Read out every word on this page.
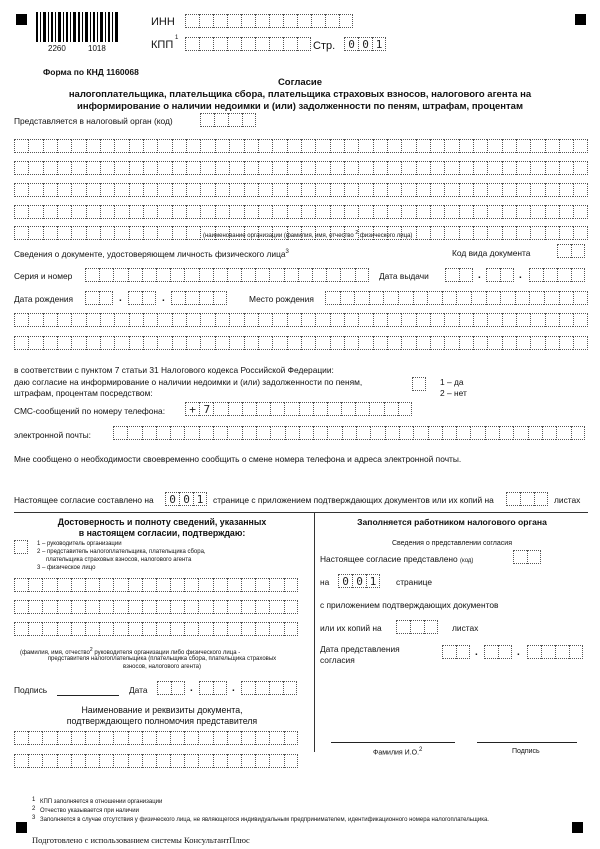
2260	1018
ИНН
КПП
1
Стр.	0 0 1
Форма по КНД 1160068
Согласие
налогоплательщика, плательщика сбора, плательщика страховых взносов, налогового агента на
информирование о наличии недоимки и (или) задолженности по пеням, штрафам, процентам
Представляется в налоговый орган (код)
(наименование организации (фамилия, имя, отчество $^2$ физического лица)
Сведения о документе, удостоверяющем личность физического лица$^3$	Код вида документа
Серия и номер	Дата выдачи	.	.
Дата рождения	.	.	Место рождения
в соответствии с пунктом 7 статьи 31 Налогового кодекса Российской Федерации:
даю согласие на информирование о наличии недоимки и (или) задолженности по пеням,
штрафам, процентам посредством:
1 – да
2 – нет
СМС-сообщений по номеру телефона:	+ 7
электронной почты:
Мне сообщено о необходимости своевременно сообщить о смене номера телефона и адреса электронной почты.
Настоящее согласие составлено на	0 0 1	странице с приложением подтверждающих документов или их копий на	листах
Достоверность и полноту сведений, указанных
в настоящем согласии, подтверждаю:
1 – руководитель организации
2 – представитель налогоплательщика, плательщика сбора,
плательщика страховых взносов, налогового агента
3 – физическое лицо
(фамилия, имя, отчество$^2$ руководителя организации либо физического лица -
представителя налогоплательщика (плательщика сбора, плательщика страховых
взносов, налогового агента)
Подпись	Дата	.	.
Наименование и реквизиты документа,
подтверждающего полномочия представителя
Заполняется работником налогового органа
Сведения о представлении согласия
Настоящее согласие представлено (код)
на	0 0 1	странице
с приложением подтверждающих документов
или их копий на	листах
Дата представления
согласия
.	.
Фамилия И.О.$^2$	Подпись
1 КПП заполняется в отношении организации
2 Отчество указывается при наличии
3 Заполняется в случае отсутствия у физического лица, не являющегося индивидуальным предпринимателем, идентификационного номера налогоплательщика.
Подготовлено с использованием системы КонсультантПлюс
